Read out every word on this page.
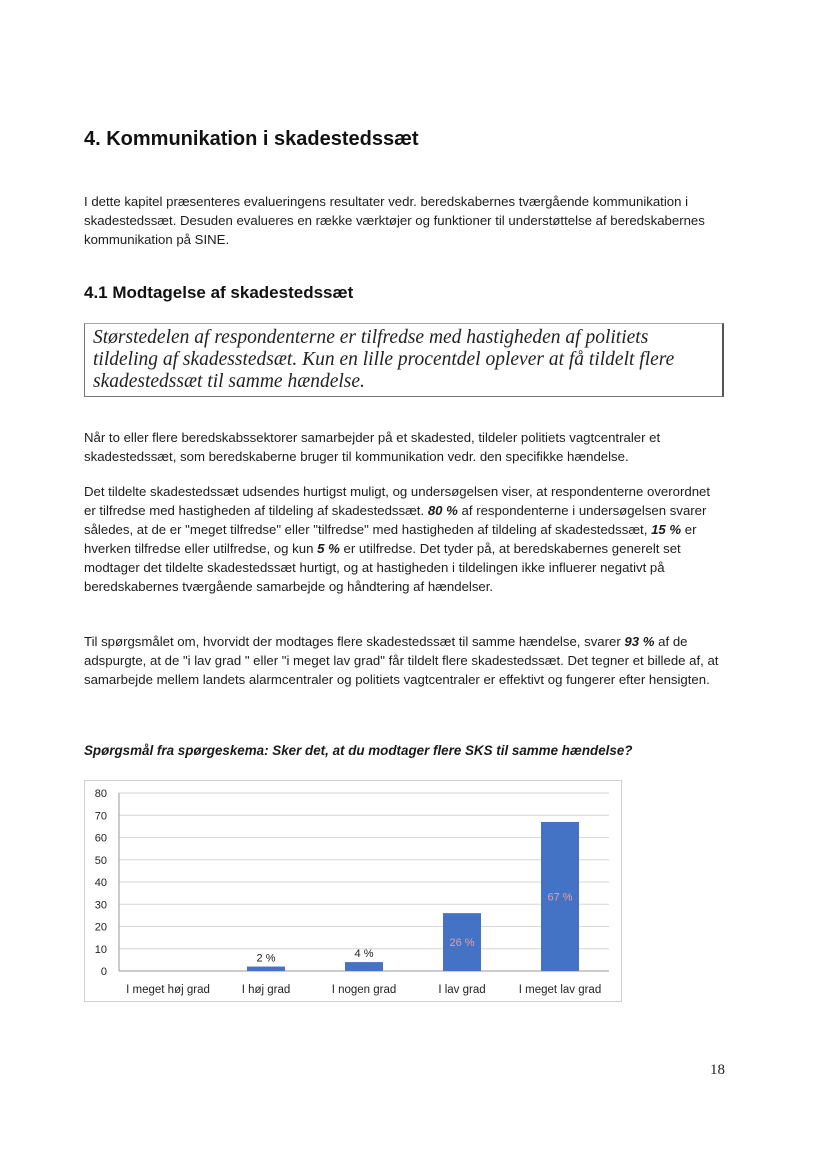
4. Kommunikation i skadestedssæt

I dette kapitel præsenteres evalueringens resultater vedr. beredskabernes tværgående kommunikation i skadestedssæt. Desuden evalueres en række værktøjer og funktioner til understøttelse af beredskabernes kommunikation på SINE.

4.1 Modtagelse af skadestedssæt

Størstedelen af respondenterne er tilfredse med hastigheden af politiets tildeling af skadesstedsæt. Kun en lille procentdel oplever at få tildelt flere skadestedssæt til samme hændelse.

Når to eller flere beredskabssektorer samarbejder på et skadested, tildeler politiets vagtcentraler et skadestedssæt, som beredskaberne bruger til kommunikation vedr. den specifikke hændelse.

Det tildelte skadestedssæt udsendes hurtigst muligt, og undersøgelsen viser, at respondenterne overordnet er tilfredse med hastigheden af tildeling af skadestedssæt. 80 % af respondenterne i undersøgelsen svarer således, at de er "meget tilfredse" eller "tilfredse" med hastigheden af tildeling af skadestedssæt, 15 % er hverken tilfredse eller utilfredse, og kun 5 % er utilfredse. Det tyder på, at beredskabernes generelt set modtager det tildelte skadestedssæt hurtigt, og at hastigheden i tildelingen ikke influerer negativt på beredskabernes tværgående samarbejde og håndtering af hændelser.

Til spørgsmålet om, hvorvidt der modtages flere skadestedssæt til samme hændelse, svarer 93 % af de adspurgte, at de "i lav grad " eller "i meget lav grad" får tildelt flere skadestedssæt. Det tegner et billede af, at samarbejde mellem landets alarmcentraler og politiets vagtcentraler er effektivt og fungerer efter hensigten.

Spørgsmål fra spørgeskema: Sker det, at du modtager flere SKS til samme hændelse?

0
10
20
30
40
50
60
70
80
I meget høj grad
2 %
I høj grad
4 %
I nogen grad
26 %
I lav grad
67 %
I meget lav grad

18
